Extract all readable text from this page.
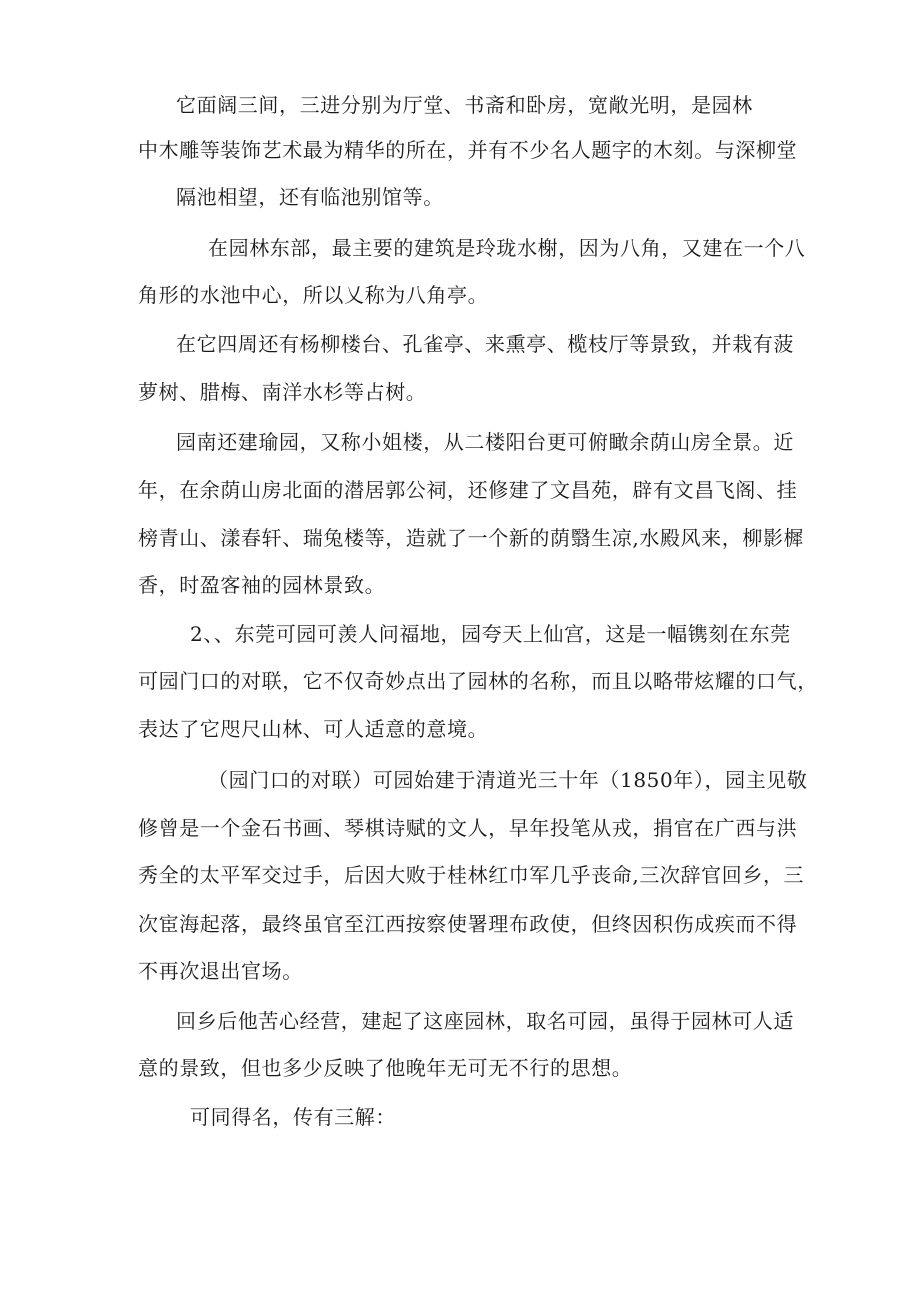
它面阔三间，三进分别为厅堂、书斋和卧房，宽敞光明，是园林
中木雕等装饰艺术最为精华的所在，并有不少名人题字的木刻。与深柳堂
隔池相望，还有临池别馆等。
在园林东部，最主要的建筑是玲珑水榭，因为八角，又建在一个八
角形的水池中心，所以乂称为八角亭。
在它四周还有杨柳楼台、孔雀亭、来熏亭、榄枝厅等景致，并栽有菠
萝树、腊梅、南洋水杉等占树。
园南还建瑜园，又称小姐楼，从二楼阳台更可俯瞰余荫山房全景。近
年，在余荫山房北面的潜居郭公祠，还修建了文昌苑，辟有文昌飞阁、挂
榜青山、漾春轩、瑞兔楼等，造就了一个新的荫翳生凉,水殿风来，柳影樨
香，时盈客袖的园林景致。
2、、东莞可园可羡人问福地，园夸天上仙宫，这是一幅镌刻在东莞
可园门口的对联，它不仅奇妙点出了园林的名称，而且以略带炫耀的口气，
表达了它咫尺山林、可人适意的意境。
（园门口的对联）可园始建于清道光三十年（1850年），园主见敬
修曾是一个金石书画、琴棋诗赋的文人，早年投笔从戎，捐官在广西与洪
秀全的太平军交过手，后因大败于桂林红巾军几乎丧命,三次辞官回乡，三
次宦海起落，最终虽官至江西按察使署理布政使，但终因积伤成疾而不得
不再次退出官场。
回乡后他苦心经营，建起了这座园林，取名可园，虽得于园林可人适
意的景致，但也多少反映了他晚年无可无不行的思想。
可同得名，传有三解：
